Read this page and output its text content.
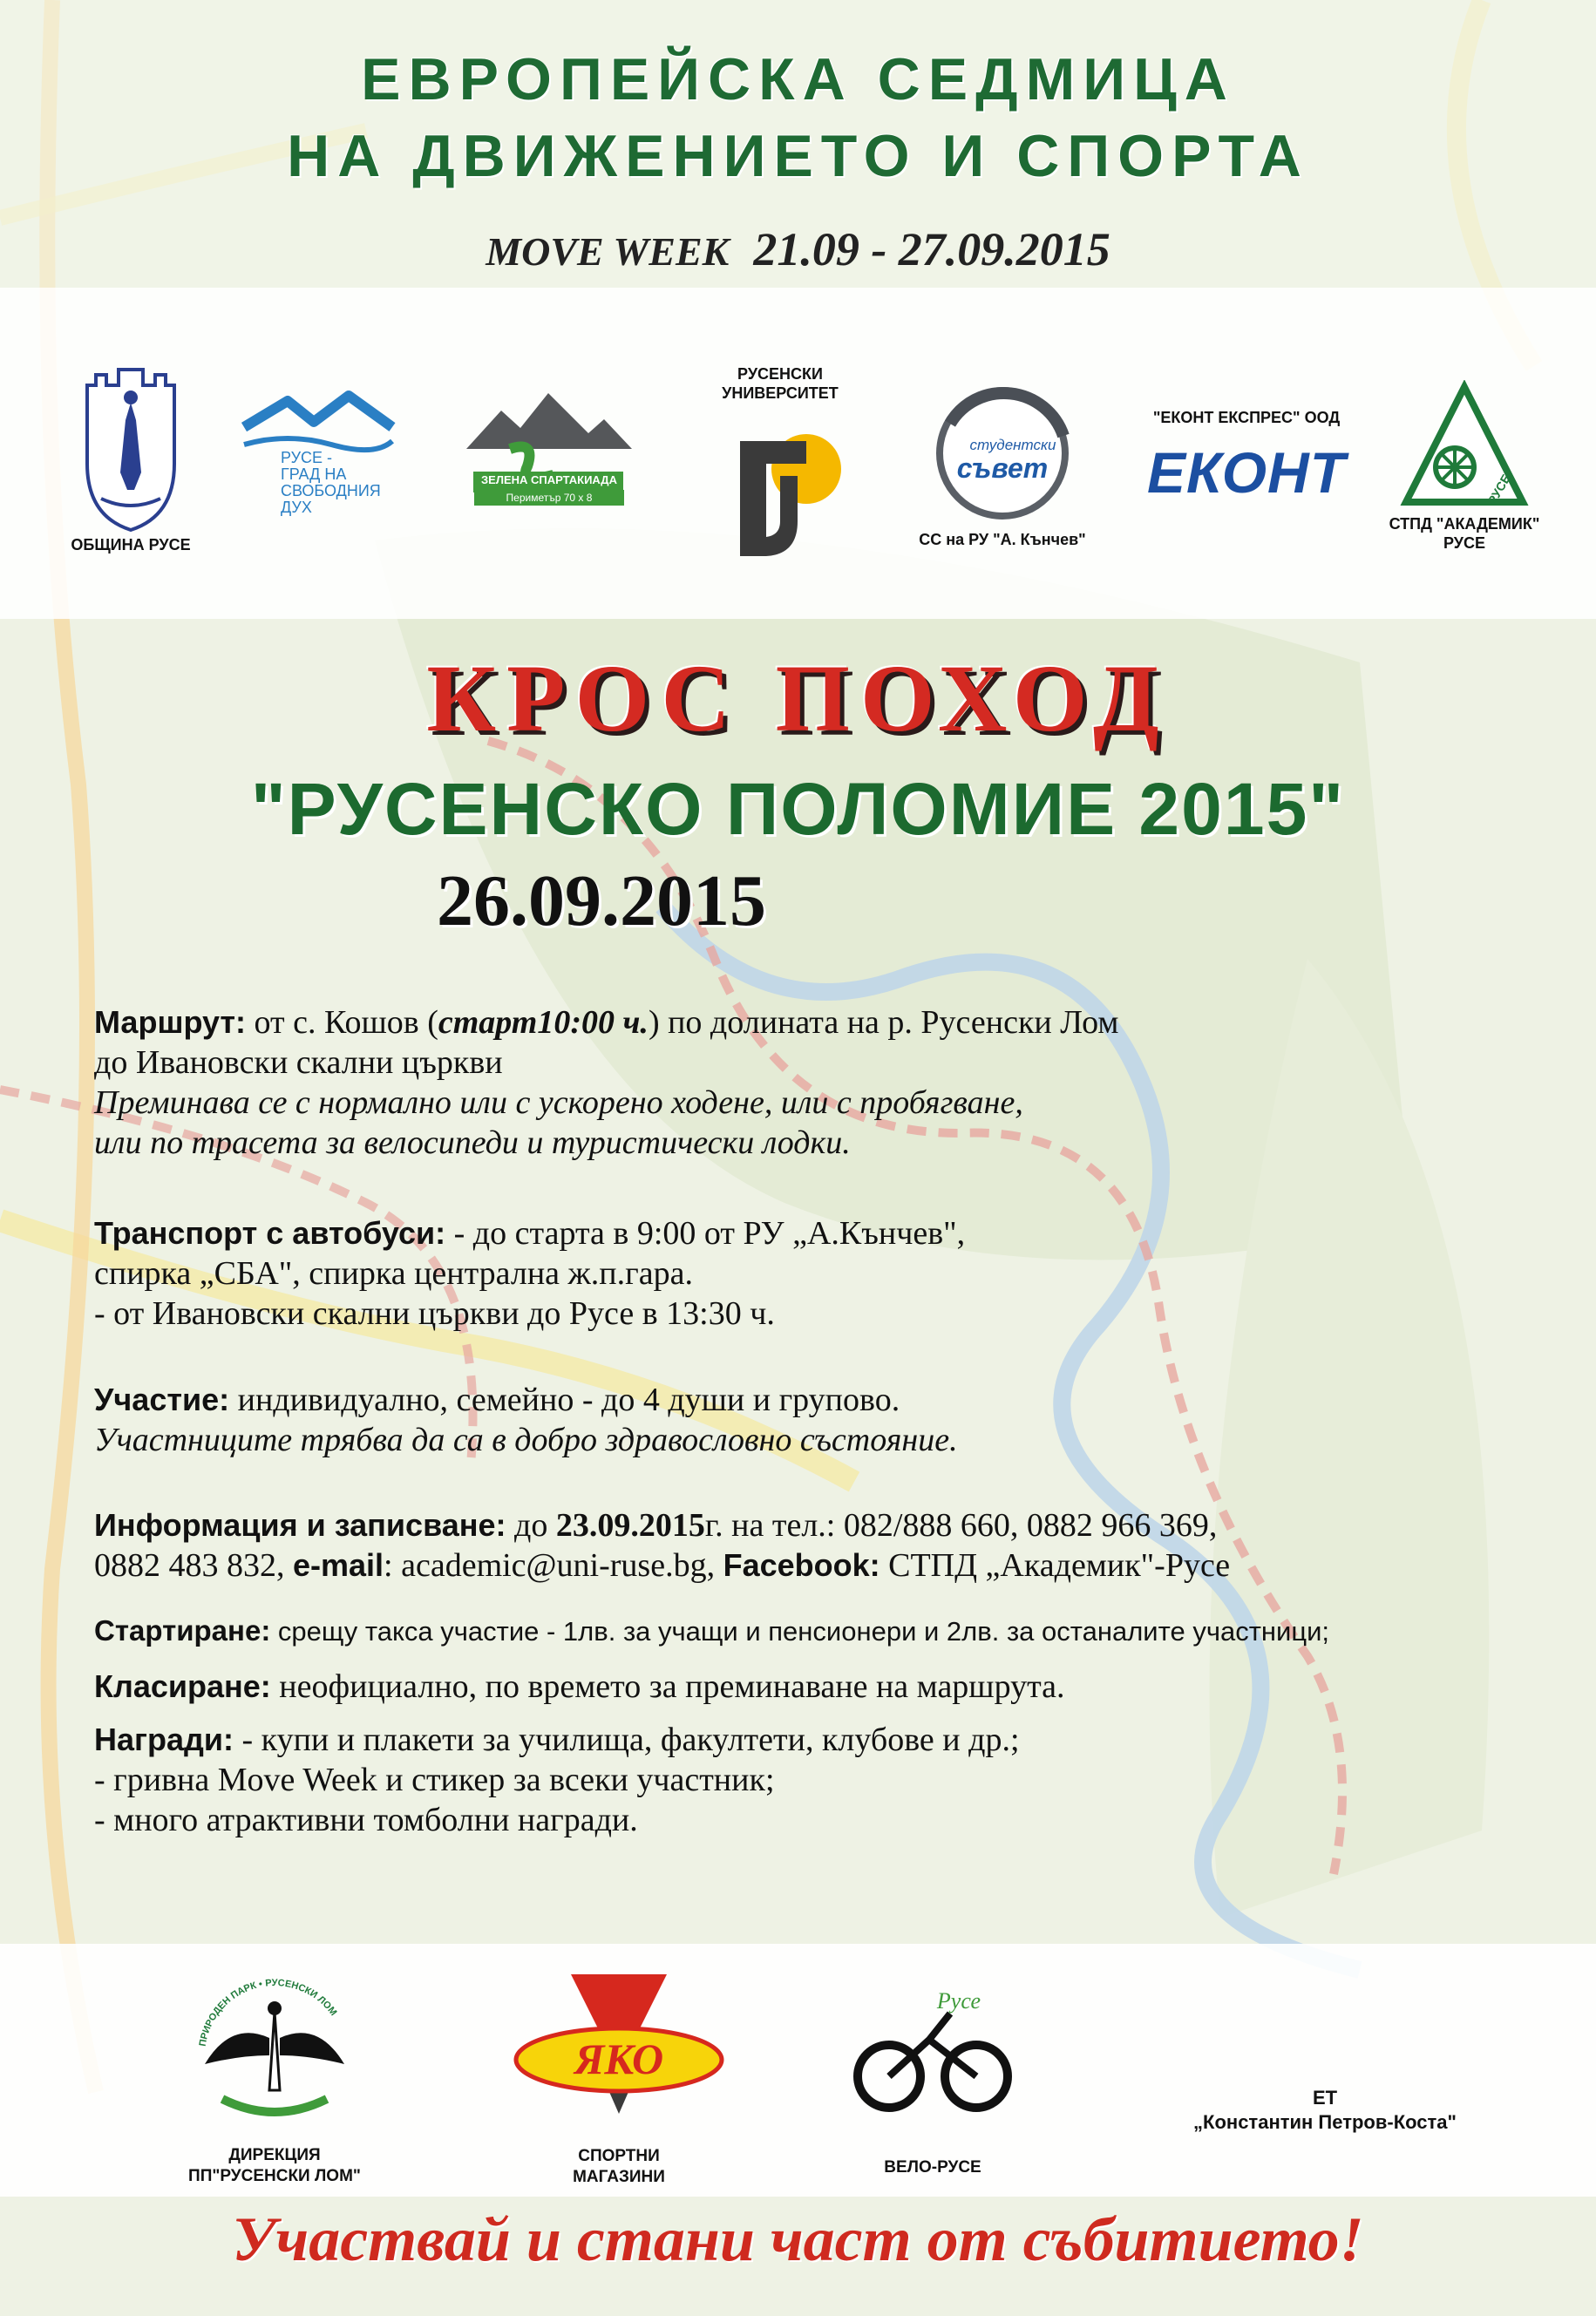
ЕВРОПЕЙСКА СЕДМИЦА
НА ДВИЖЕНИЕТО И СПОРТА
MOVE WEEK 21.09 - 27.09.2015
ОБЩИНА РУСЕ
РУСЕ -
ГРАД НА
СВОБОДНИЯ
ДУХ
ЗЕЛЕНА СПАРТАКИАДА
Периметър 70 х 8
РУСЕНСКИ
УНИВЕРСИТЕТ
студентски
съвет
СС на РУ "А. Кънчев"
"ЕКОНТ ЕКСПРЕС" ООД
ЕКОНТ	РУСЕ
СТПД "АКАДЕМИК"
РУСЕ
КРОС ПОХОД
"РУСЕНСКО ПОЛОМИЕ 2015"
26.09.2015
Маршрут: от с. Кошов (старт10:00 ч.) по долината на р. Русенски Лом
до Ивановски скални църкви
Преминава се с нормално или с ускорено ходене, или с пробягване,
или по трасета за велосипеди и туристически лодки.
Транспорт с автобуси: - до старта в 9:00 от РУ „А.Кънчев",
спирка „СБА", спирка централна ж.п.гара.
- от Ивановски скални църкви до Русе в 13:30 ч.
Участие: индивидуално, семейно - до 4 души и групово.
Участниците трябва да са в добро здравословно състояние.
Информация и записване: до 23.09.2015г. на тел.: 082/888 660, 0882 966 369,
0882 483 832, e-mail: academic@uni-ruse.bg, Facebook: СТПД „Академик"-Русе
Стартиране: срещу такса участие - 1лв. за учащи и пенсионери и 2лв. за останалите участници;
Класиране: неофициално, по времето за преминаване на маршрута.
Награди: - купи и плакети за училища, факултети, клубове и др.;
- гривна Move Week и стикер за всеки участник;
- много атрактивни томболни награди.
ПРИРОДЕН ПАРК • РУСЕНСКИ ЛОМ
ДИРЕКЦИЯ
ПП"РУСЕНСКИ ЛОМ"
ЯКО
СПОРТНИ
МАГАЗИНИ
Русе
ВЕЛО-РУСЕ
ЕТ
„Константин Петров-Коста"
Участвай и стани част от събитието!
